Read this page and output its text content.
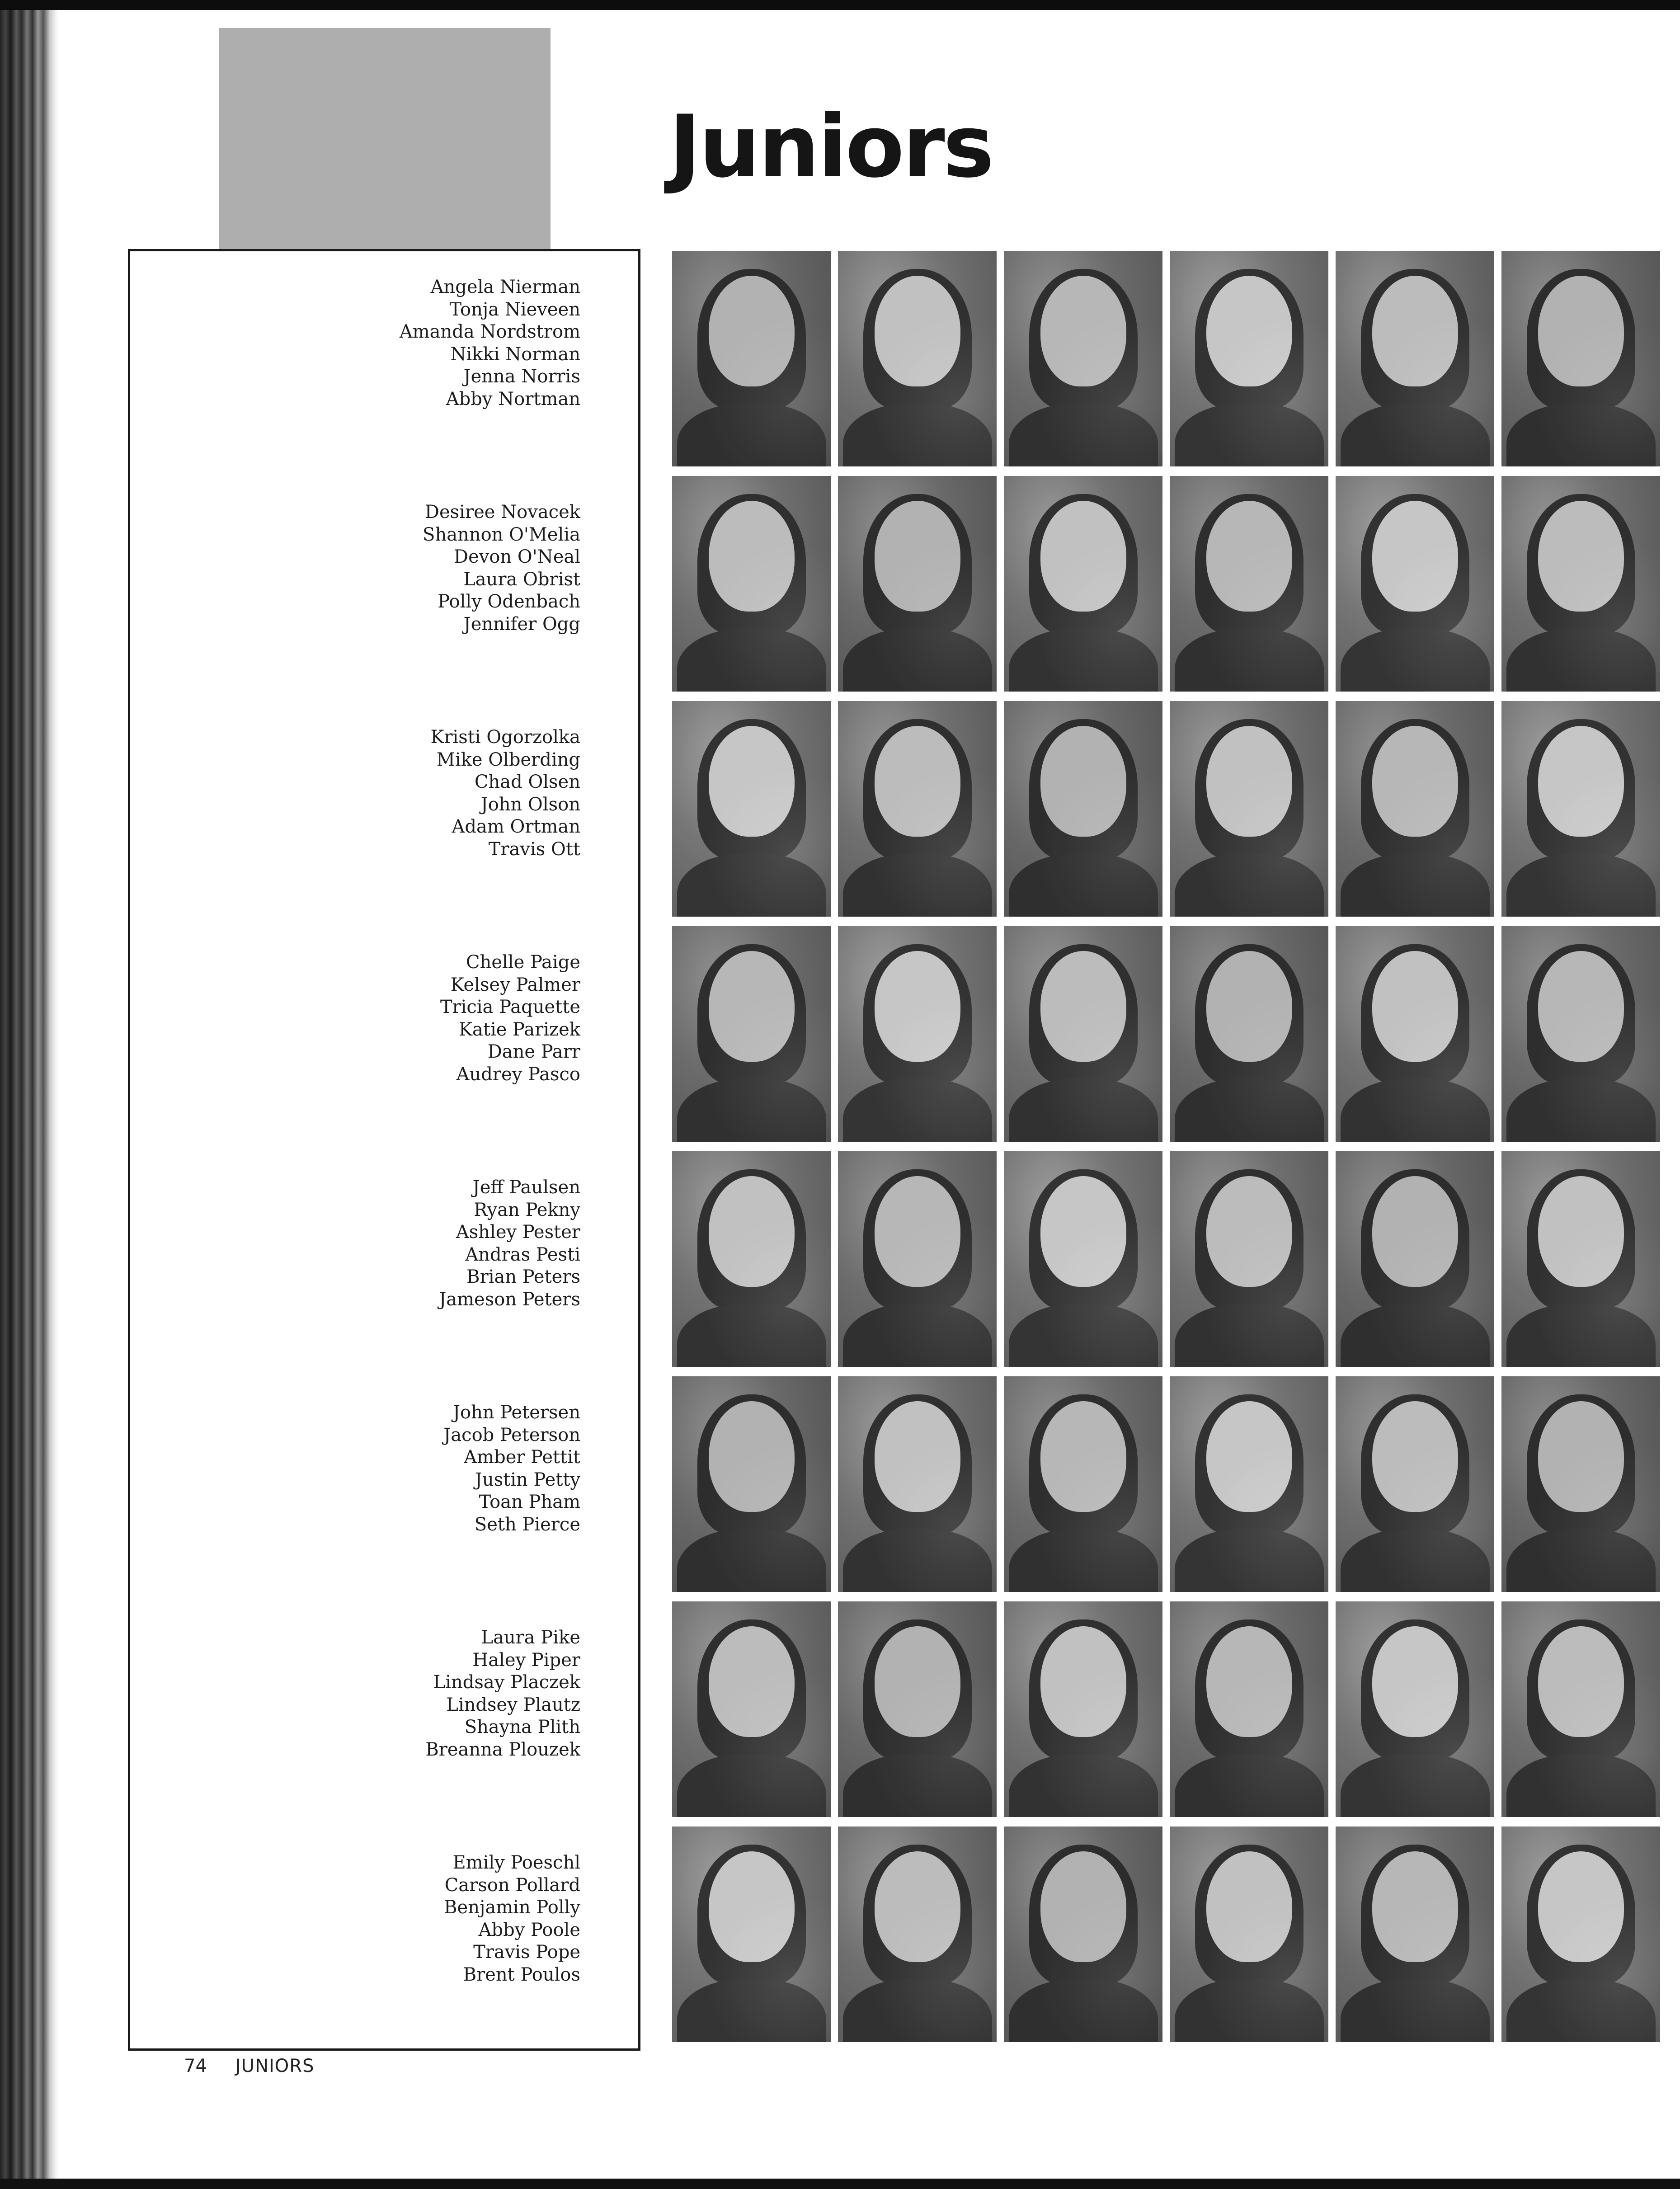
Juniors
Angela Nierman
Tonja Nieveen
Amanda Nordstrom
Nikki Norman
Jenna Norris
Abby Nortman
Desiree Novacek
Shannon O'Melia
Devon O'Neal
Laura Obrist
Polly Odenbach
Jennifer Ogg
Kristi Ogorzolka
Mike Olberding
Chad Olsen
John Olson
Adam Ortman
Travis Ott
Chelle Paige
Kelsey Palmer
Tricia Paquette
Katie Parizek
Dane Parr
Audrey Pasco
Jeff Paulsen
Ryan Pekny
Ashley Pester
Andras Pesti
Brian Peters
Jameson Peters
John Petersen
Jacob Peterson
Amber Pettit
Justin Petty
Toan Pham
Seth Pierce
Laura Pike
Haley Piper
Lindsay Placzek
Lindsey Plautz
Shayna Plith
Breanna Plouzek
Emily Poeschl
Carson Pollard
Benjamin Polly
Abby Poole
Travis Pope
Brent Poulos
74 JUNIORS
